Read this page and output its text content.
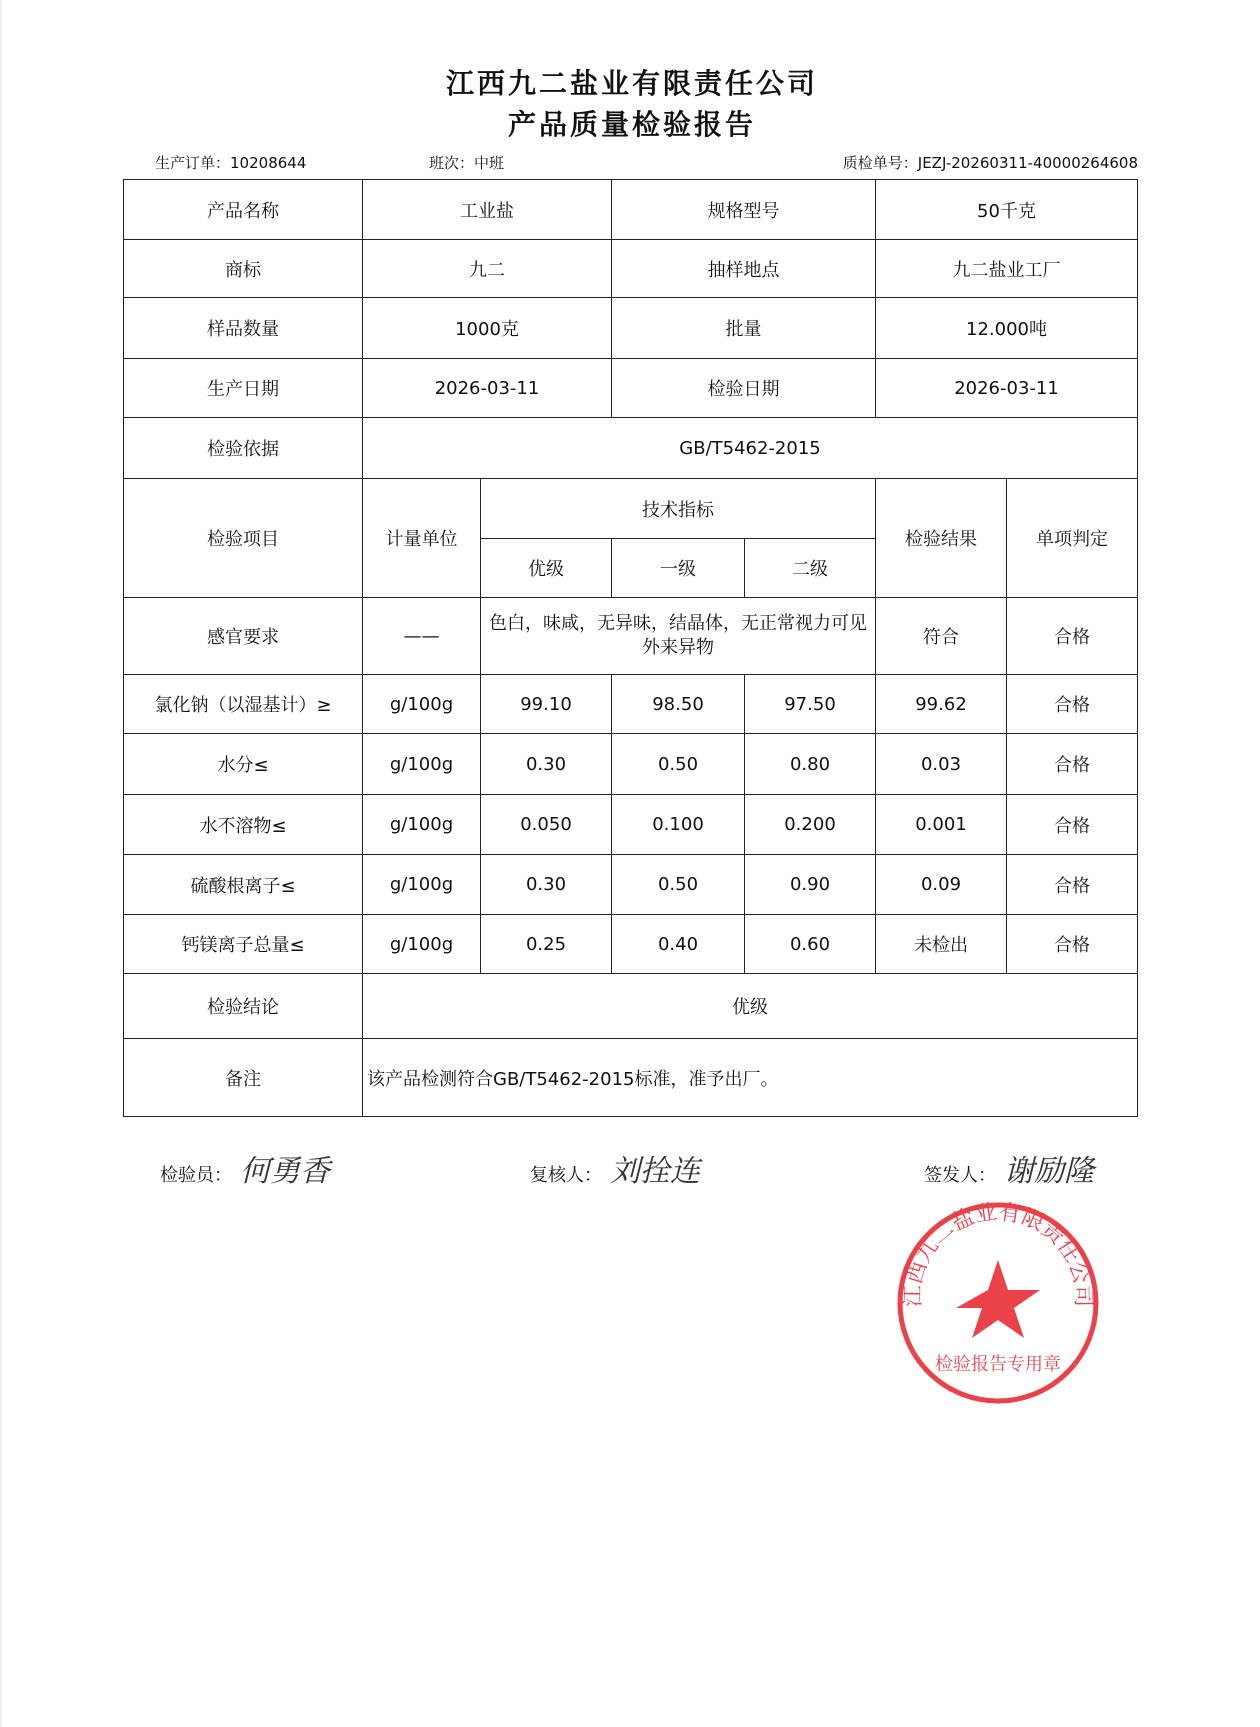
江西九二盐业有限责任公司
产品质量检验报告
生产订单：10208644	班次：中班	质检单号：JEZJ-20260311-40000264608
产品名称	工业盐		规格型号		50千克	
商标	九二		抽样地点		九二盐业工厂	
样品数量	1000克		批量		12.000吨	
生产日期	2026-03-11		检验日期		2026-03-11	
检验依据	GB/T5462-2015					
检验项目	计量单位	技术指标			检验结果	单项判定
		优级	一级	二级		
感官要求	——	色白，味咸，无异味，结晶体，无正常视力可见外来异物			符合	合格
氯化钠（以湿基计）≥	g/100g	99.10	98.50	97.50	99.62	合格
水分≤	g/100g	0.30	0.50	0.80	0.03	合格
水不溶物≤	g/100g	0.050	0.100	0.200	0.001	合格
硫酸根离子≤	g/100g	0.30	0.50	0.90	0.09	合格
钙镁离子总量≤	g/100g	0.25	0.40	0.60	未检出	合格
检验结论	优级					
备注	该产品检测符合GB/T5462-2015标准，准予出厂。					
检验员： 何勇香	复核人： 刘拴连	签发人： 谢励隆
江西九二盐业有限责任公司
检验报告专用章
